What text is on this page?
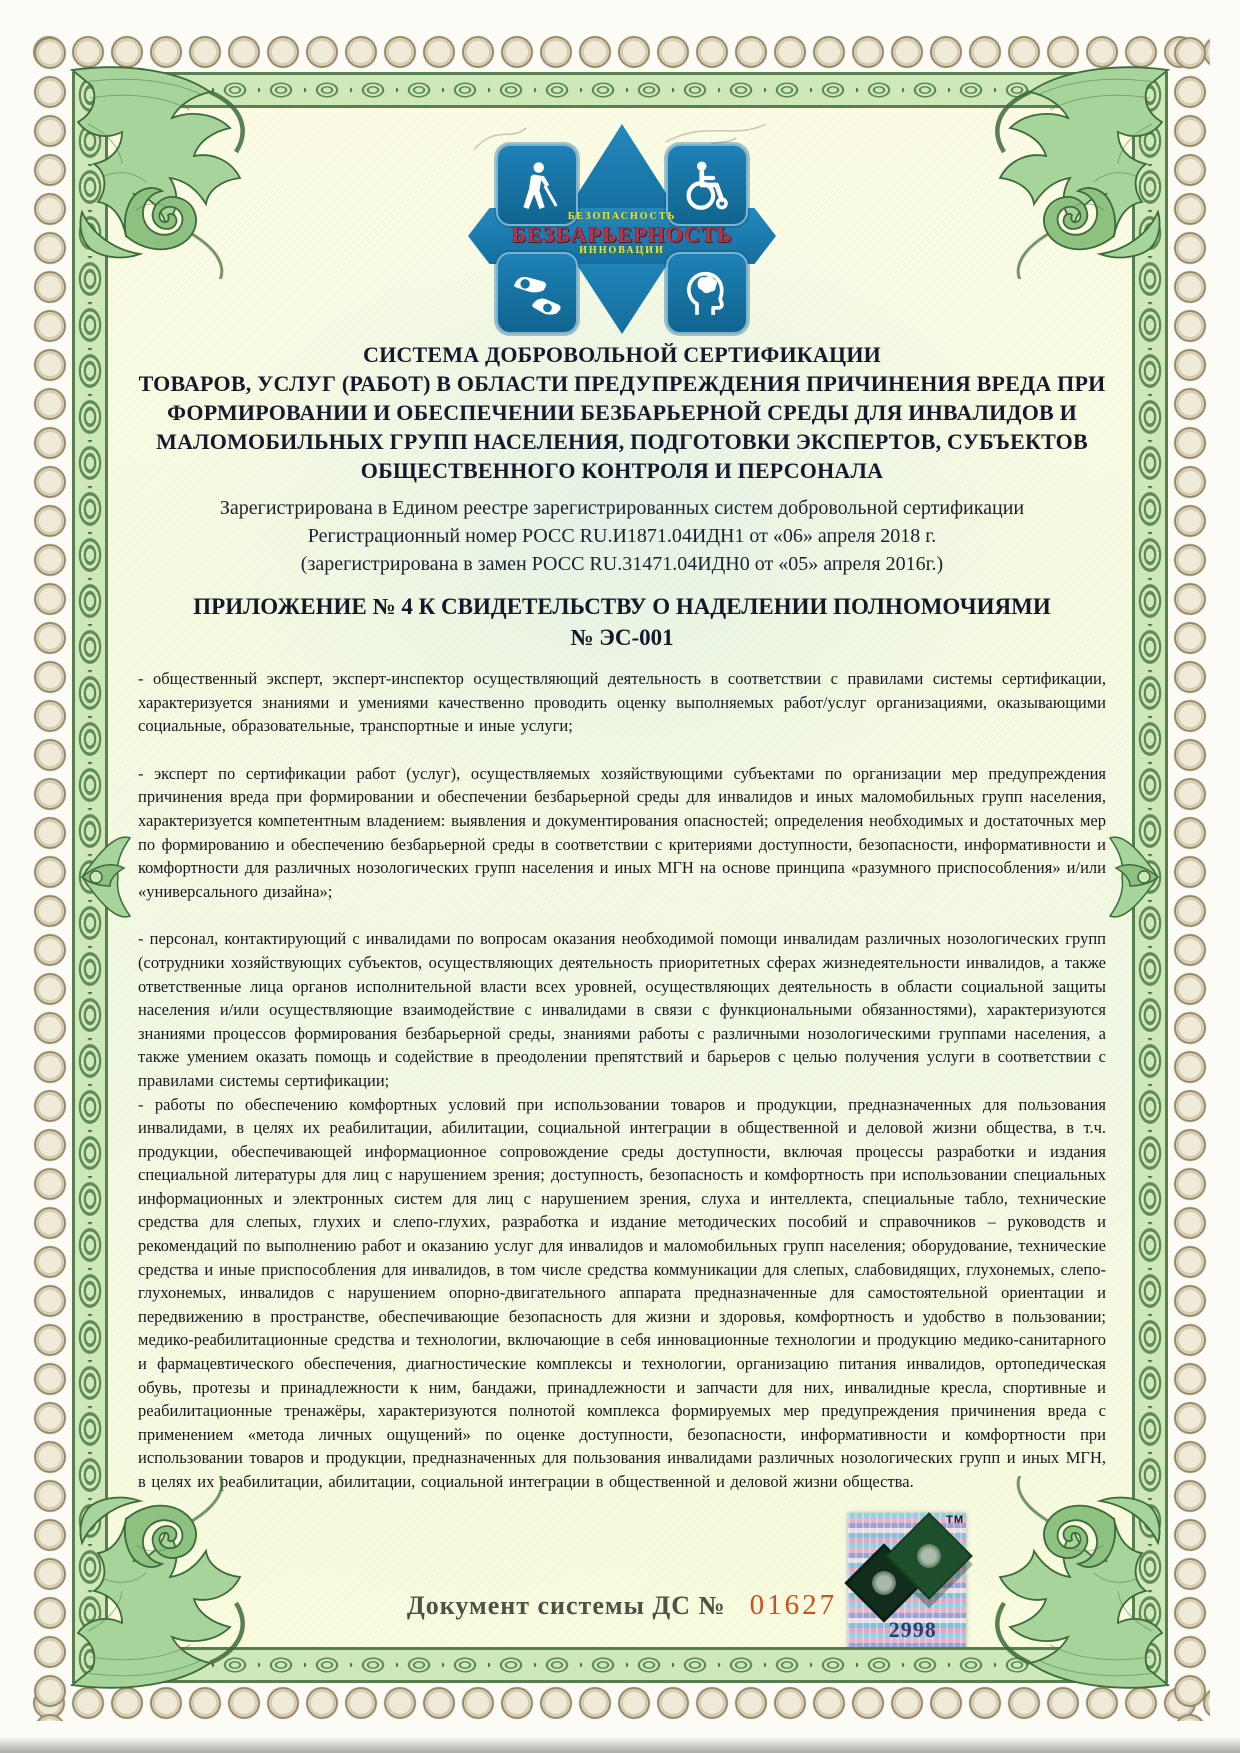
БЕЗОПАСНОСТЬ
БЕЗБАРЬЕРНОСТЬ
ИННОВАЦИИ
СИСТЕМА ДОБРОВОЛЬНОЙ СЕРТИФИКАЦИИ
ТОВАРОВ, УСЛУГ (РАБОТ) В ОБЛАСТИ ПРЕДУПРЕЖДЕНИЯ ПРИЧИНЕНИЯ ВРЕДА ПРИ
ФОРМИРОВАНИИ И ОБЕСПЕЧЕНИИ БЕЗБАРЬЕРНОЙ СРЕДЫ ДЛЯ ИНВАЛИДОВ И
МАЛОМОБИЛЬНЫХ ГРУПП НАСЕЛЕНИЯ, ПОДГОТОВКИ ЭКСПЕРТОВ, СУБЪЕКТОВ
ОБЩЕСТВЕННОГО КОНТРОЛЯ И ПЕРСОНАЛА
Зарегистрирована в Едином реестре зарегистрированных систем добровольной сертификации
Регистрационный номер РОСС RU.И1871.04ИДН1 от «06» апреля 2018 г.
(зарегистрирована в замен РОСС RU.31471.04ИДН0 от «05» апреля 2016г.)
ПРИЛОЖЕНИЕ № 4 К СВИДЕТЕЛЬСТВУ О НАДЕЛЕНИИ ПОЛНОМОЧИЯМИ
№ ЭС-001

- общественный эксперт, эксперт-инспектор осуществляющий деятельность в соответствии с правилами системы сертификации, характеризуется знаниями и умениями качественно проводить оценку выполняемых работ/услуг организациями, оказывающими социальные, образовательные, транспортные и иные услуги;

- эксперт по сертификации работ (услуг), осуществляемых хозяйствующими субъектами по организации мер предупреждения причинения вреда при формировании и обеспечении безбарьерной среды для инвалидов и иных маломобильных групп населения, характеризуется компетентным владением: выявления и документирования опасностей; определения необходимых и достаточных мер по формированию и обеспечению безбарьерной среды в соответствии с критериями доступности, безопасности, информативности и комфортности для различных нозологических групп населения и иных МГН на основе принципа «разумного приспособления» и/или «универсального дизайна»;

- персонал, контактирующий с инвалидами по вопросам оказания необходимой помощи инвалидам различных нозологических групп (сотрудники хозяйствующих субъектов, осуществляющих деятельность приоритетных сферах жизнедеятельности инвалидов, а также ответственные лица органов исполнительной власти всех уровней, осуществляющих деятельность в области социальной защиты населения и/или осуществляющие взаимодействие с инвалидами в связи с функциональными обязанностями), характеризуются знаниями процессов формирования безбарьерной среды, знаниями работы с различными нозологическими группами населения, а также умением оказать помощь и содействие в преодолении препятствий и барьеров с целью получения услуги в соответствии с правилами системы сертификации;

- работы по обеспечению комфортных условий при использовании товаров и продукции, предназначенных для пользования инвалидами, в целях их реабилитации, абилитации, социальной интеграции в общественной и деловой жизни общества, в т.ч. продукции, обеспечивающей информационное сопровождение среды доступности, включая процессы разработки и издания специальной литературы для лиц с нарушением зрения; доступность, безопасность и комфортность при использовании специальных информационных и электронных систем для лиц с нарушением зрения, слуха и интеллекта, специальные табло, технические средства для слепых, глухих и слепо-глухих, разработка и издание методических пособий и справочников – руководств и рекомендаций по выполнению работ и оказанию услуг для инвалидов и маломобильных групп населения; оборудование, технические средства и иные приспособления для инвалидов, в том числе средства коммуникации для слепых, слабовидящих, глухонемых, слепо-глухонемых, инвалидов с нарушением опорно-двигательного аппарата предназначенные для самостоятельной ориентации и передвижению в пространстве, обеспечивающие безопасность для жизни и здоровья, комфортность и удобство в пользовании; медико-реабилитационные средства и технологии, включающие в себя инновационные технологии и продукцию медико-санитарного и фармацевтического обеспечения, диагностические комплексы и технологии, организацию питания инвалидов, ортопедическая обувь, протезы и принадлежности к ним, бандажи, принадлежности и запчасти для них, инвалидные кресла, спортивные и реабилитационные тренажёры, характеризуются полнотой комплекса формируемых мер предупреждения причинения вреда с применением «метода личных ощущений» по оценке доступности, безопасности, информативности и комфортности при использовании товаров и продукции, предназначенных для пользования инвалидами различных нозологических групп и иных МГН, в целях их реабилитации, абилитации, социальной интеграции в общественной и деловой жизни общества.

Документ системы ДС № 01627
ТМ
2998
